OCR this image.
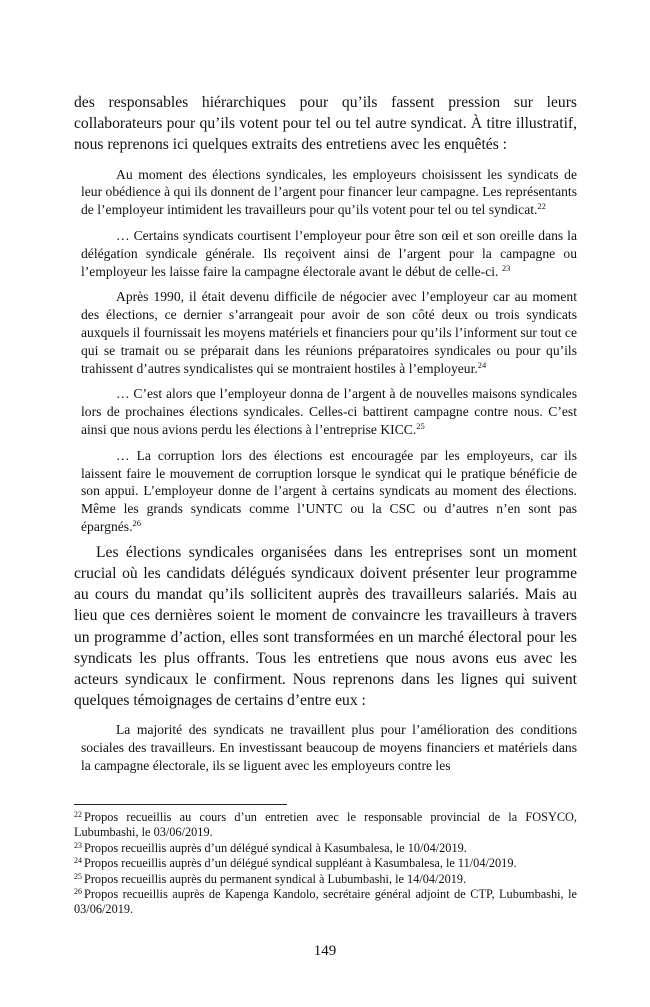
des responsables hiérarchiques pour qu’ils fassent pression sur leurs collaborateurs pour qu’ils votent pour tel ou tel autre syndicat. À titre illustratif, nous reprenons ici quelques extraits des entretiens avec les enquêtés :

Au moment des élections syndicales, les employeurs choisissent les syndicats de leur obédience à qui ils donnent de l’argent pour financer leur campagne. Les représentants de l’employeur intimident les travailleurs pour qu’ils votent pour tel ou tel syndicat.$^{22}$

… Certains syndicats courtisent l’employeur pour être son œil et son oreille dans la délégation syndicale générale. Ils reçoivent ainsi de l’argent pour la campagne ou l’employeur les laisse faire la campagne électorale avant le début de celle-ci. $^{23}$

Après 1990, il était devenu difficile de négocier avec l’employeur car au moment des élections, ce dernier s’arrangeait pour avoir de son côté deux ou trois syndicats auxquels il fournissait les moyens matériels et financiers pour qu’ils l’informent sur tout ce qui se tramait ou se préparait dans les réunions préparatoires syndicales ou pour qu’ils trahissent d’autres syndicalistes qui se montraient hostiles à l’employeur.$^{24}$

… C’est alors que l’employeur donna de l’argent à de nouvelles maisons syndicales lors de prochaines élections syndicales. Celles-ci battirent campagne contre nous. C’est ainsi que nous avions perdu les élections à l’entreprise KICC.$^{25}$

… La corruption lors des élections est encouragée par les employeurs, car ils laissent faire le mouvement de corruption lorsque le syndicat qui le pratique bénéficie de son appui. L’employeur donne de l’argent à certains syndicats au moment des élections. Même les grands syndicats comme l’UNTC ou la CSC ou d’autres n’en sont pas épargnés.$^{26}$

Les élections syndicales organisées dans les entreprises sont un moment crucial où les candidats délégués syndicaux doivent présenter leur programme au cours du mandat qu’ils sollicitent auprès des travailleurs salariés. Mais au lieu que ces dernières soient le moment de convaincre les travailleurs à travers un programme d’action, elles sont transformées en un marché électoral pour les syndicats les plus offrants. Tous les entretiens que nous avons eus avec les acteurs syndicaux le confirment. Nous reprenons dans les lignes qui suivent quelques témoignages de certains d’entre eux :

La majorité des syndicats ne travaillent plus pour l’amélioration des conditions sociales des travailleurs. En investissant beaucoup de moyens financiers et matériels dans la campagne électorale, ils se liguent avec les employeurs contre les

$^{22}$ Propos recueillis au cours d’un entretien avec le responsable provincial de la FOSYCO, Lubumbashi, le 03/06/2019.

$^{23}$ Propos recueillis auprès d’un délégué syndical à Kasumbalesa, le 10/04/2019.

$^{24}$ Propos recueillis auprès d’un délégué syndical suppléant à Kasumbalesa, le 11/04/2019.

$^{25}$ Propos recueillis auprès du permanent syndical à Lubumbashi, le 14/04/2019.

$^{26}$ Propos recueillis auprès de Kapenga Kandolo, secrétaire général adjoint de CTP, Lubumbashi, le 03/06/2019.

149
